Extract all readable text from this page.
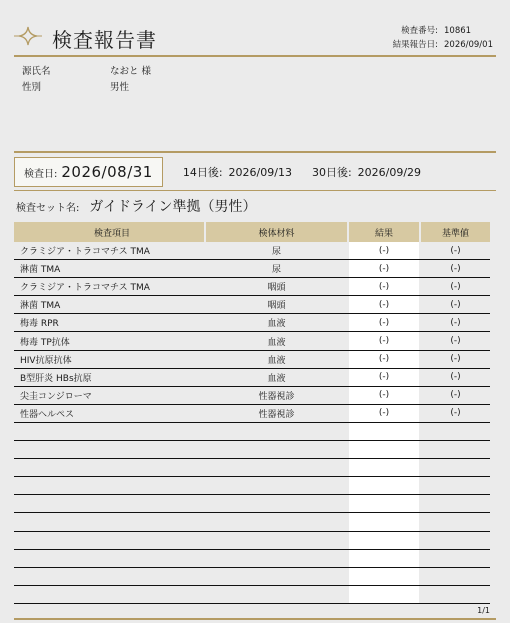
検査報告書	検査番号: 10861
結果報告日: 2026/09/01
源氏名	なおと 様
性別	男性
検査日: 2026/08/31	14日後: 2026/09/13 30日後: 2026/09/29
検査セット名: ガイドライン準拠（男性）
検査項目	検体材料	結果	基準値
クラミジア・トラコマチス TMA	尿	(-)	(-)
淋菌 TMA	尿	(-)	(-)
クラミジア・トラコマチス TMA	咽頭	(-)	(-)
淋菌 TMA	咽頭	(-)	(-)
梅毒 RPR	血液	(-)	(-)
梅毒 TP抗体	血液	(-)	(-)
HIV抗原抗体	血液	(-)	(-)
B型肝炎 HBs抗原	血液	(-)	(-)
尖圭コンジローマ	性器視診	(-)	(-)
性器ヘルペス	性器視診	(-)	(-)
1/1
